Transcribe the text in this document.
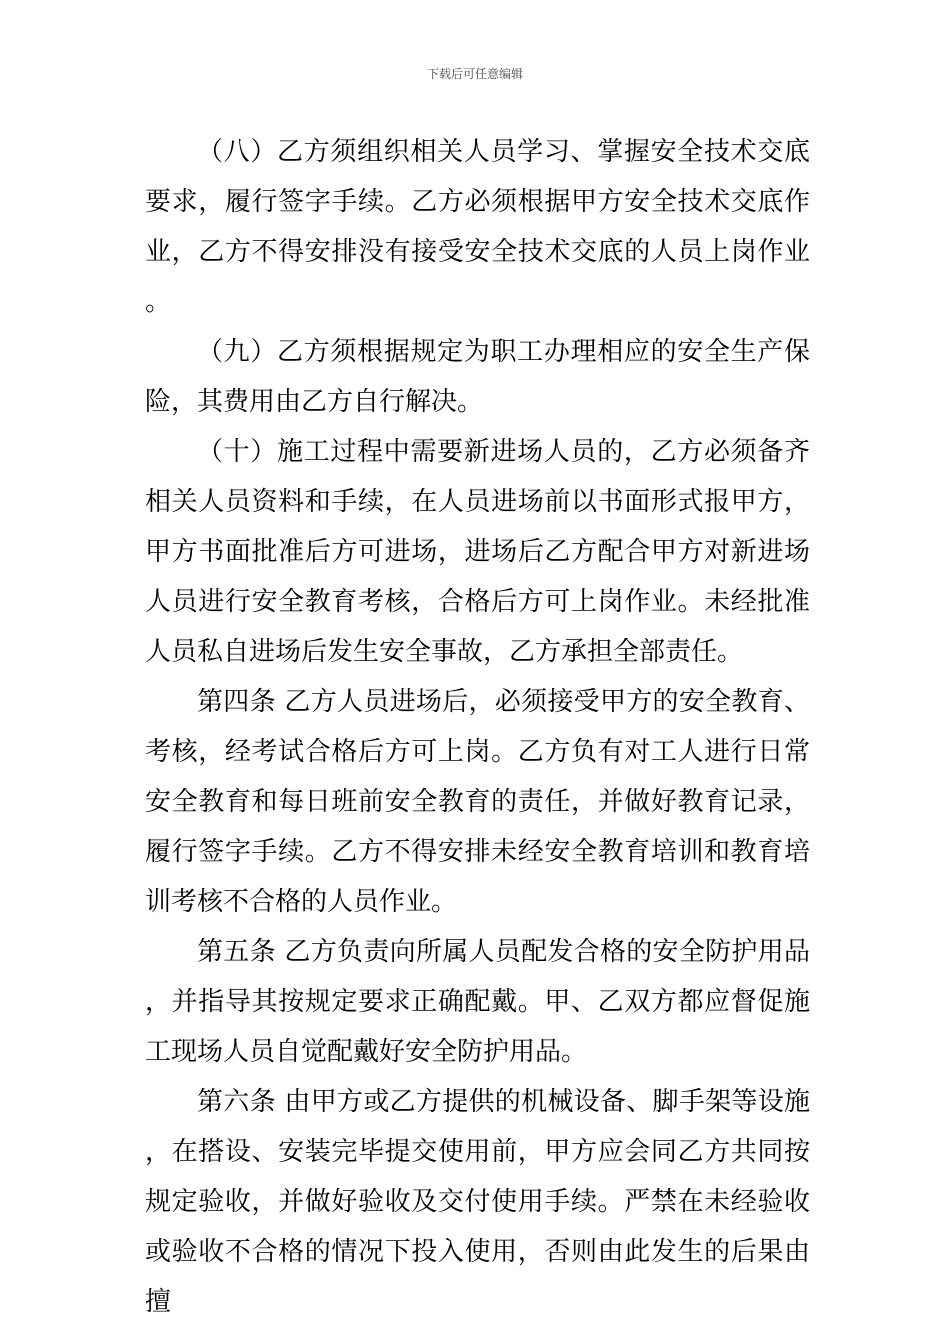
下载后可任意编辑

（八）乙方须组织相关人员学习、掌握安全技术交底要求，履行签字手续。乙方必须根据甲方安全技术交底作业，乙方不得安排没有接受安全技术交底的人员上岗作业。

（九）乙方须根据规定为职工办理相应的安全生产保险，其费用由乙方自行解决。

（十）施工过程中需要新进场人员的，乙方必须备齐相关人员资料和手续，在人员进场前以书面形式报甲方，甲方书面批准后方可进场，进场后乙方配合甲方对新进场人员进行安全教育考核，合格后方可上岗作业。未经批准人员私自进场后发生安全事故，乙方承担全部责任。

第四条 乙方人员进场后，必须接受甲方的安全教育、考核，经考试合格后方可上岗。乙方负有对工人进行日常安全教育和每日班前安全教育的责任，并做好教育记录，履行签字手续。乙方不得安排未经安全教育培训和教育培训考核不合格的人员作业。

第五条 乙方负责向所属人员配发合格的安全防护用品，并指导其按规定要求正确配戴。甲、乙双方都应督促施工现场人员自觉配戴好安全防护用品。

第六条 由甲方或乙方提供的机械设备、脚手架等设施，在搭设、安装完毕提交使用前，甲方应会同乙方共同按规定验收，并做好验收及交付使用手续。严禁在未经验收或验收不合格的情况下投入使用，否则由此发生的后果由擅
